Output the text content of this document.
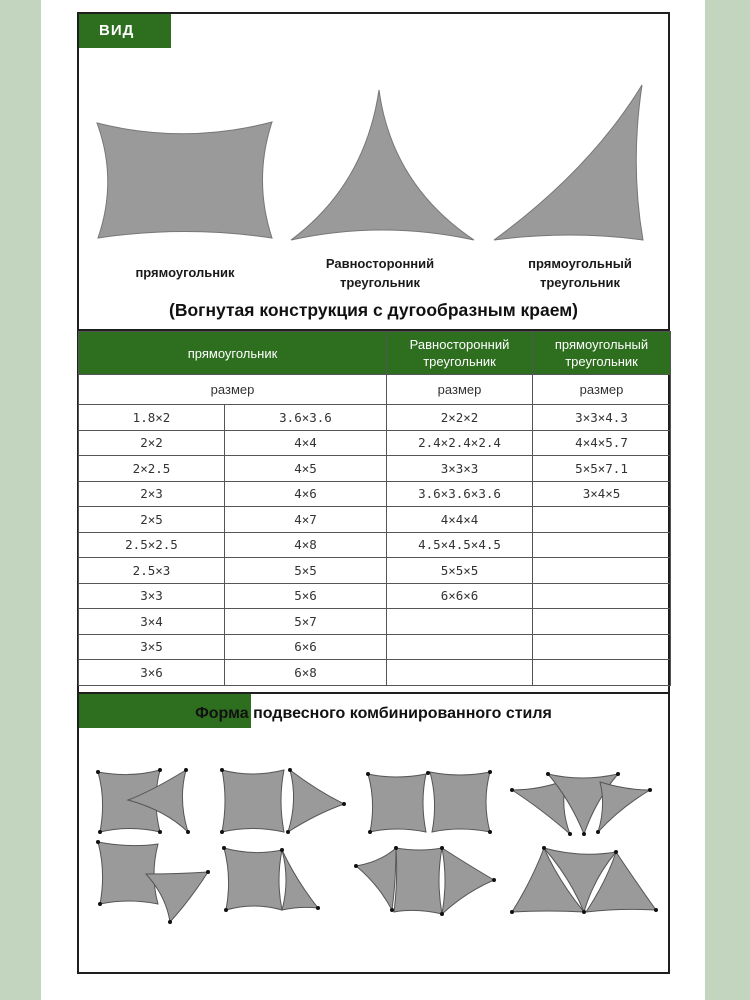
ВИД
прямоугольник
Равносторонний треугольник
прямоугольный треугольник
(Вогнутая конструкция с дугообразным краем)
прямоугольник		Равносторонний треугольник	прямоугольный треугольник
размер		размер	размер
1.8×2	3.6×3.6	2×2×2	3×3×4.3
2×2	4×4	2.4×2.4×2.4	4×4×5.7
2×2.5	4×5	3×3×3	5×5×7.1
2×3	4×6	3.6×3.6×3.6	3×4×5
2×5	4×7	4×4×4	
2.5×2.5	4×8	4.5×4.5×4.5	
2.5×3	5×5	5×5×5	
3×3	5×6	6×6×6	
3×4	5×7		
3×5	6×6		
3×6	6×8		
Форма подвесного комбинированного стиля
